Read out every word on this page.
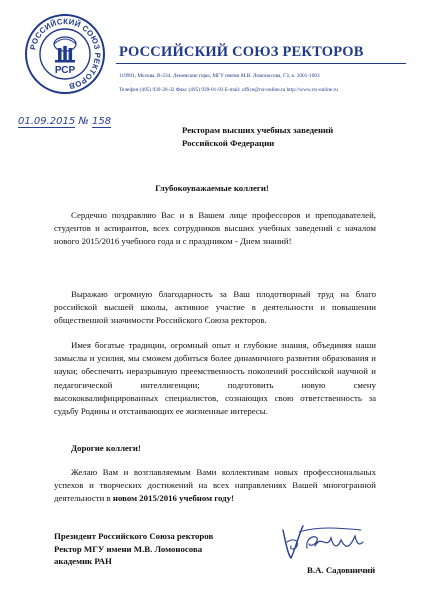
РОССИЙСКИЙ СОЮЗ РЕКТОРОВ
РСР
РОССИЙСКИЙ СОЮЗ РЕКТОРОВ
119991, Москва, В-234, Ленинские горы, МГУ имени М.В. Ломоносова, ГЗ, к. 1001-1003
Телефон (495) 939-20-32 Факс (495) 939-01-93 E-mail: office@rsr-online.ru http://www.rsr-online.ru
01.09.2015 № 158
Ректорам высших учебных заведений
Российской Федерации
Глубокоуважаемые коллеги!
Сердечно поздравляю Вас и в Вашем лице профессоров и преподавателей, студентов и аспирантов, всех сотрудников высших учебных заведений с началом нового 2015/2016 учебного года и с праздником - Днем знаний!
Выражаю огромную благодарность за Ваш плодотворный труд на благо российской высшей школы, активное участие в деятельности и повышении общественной значимости Российского Союза ректоров.
Имея богатые традиции, огромный опыт и глубокие знания, объединяя наши замыслы и усилия, мы сможем добиться более динамичного развития образования и науки; обеспечить неразрывную преемственность поколений российской научной и педагогической интеллигенции; подготовить новую смену высококвалифицированных специалистов, сознающих свою ответственность за судьбу Родины и отстаивающих ее жизненные интересы.
Дорогие коллеги!
Желаю Вам и возглавляемым Вами коллективам новых профессиональных успехов и творческих достижений на всех направлениях Вашей многогранной деятельности в новом 2015/2016 учебном году!
Президент Российского Союза ректоров
Ректор МГУ имени М.В. Ломоносова
академик РАН
В.А. Садовничий
